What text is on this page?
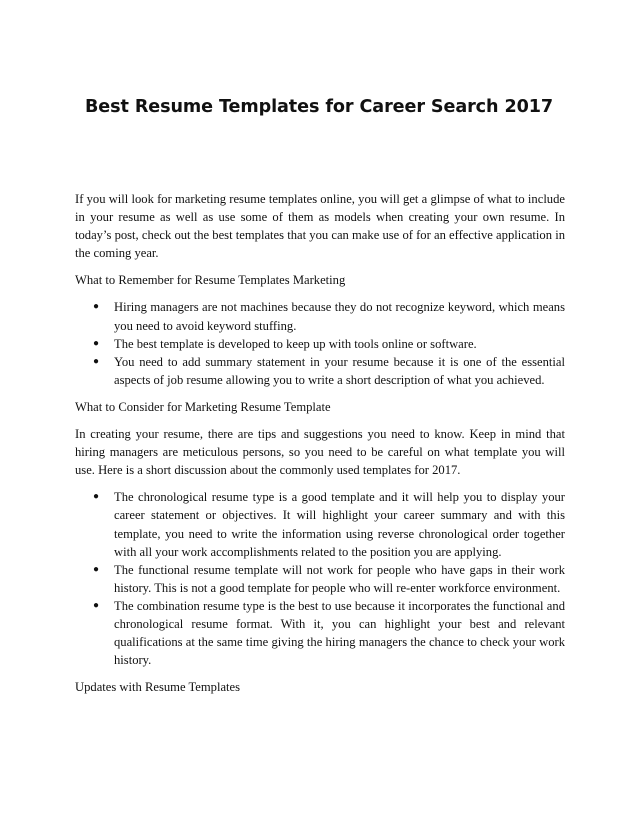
Best Resume Templates for Career Search 2017

If you will look for marketing resume templates online, you will get a glimpse of what to include in your resume as well as use some of them as models when creating your own resume. In today’s post, check out the best templates that you can make use of for an effective application in the coming year.

What to Remember for Resume Templates Marketing

● Hiring managers are not machines because they do not recognize keyword, which means you need to avoid keyword stuffing.
● The best template is developed to keep up with tools online or software.
● You need to add summary statement in your resume because it is one of the essential aspects of job resume allowing you to write a short description of what you achieved.

What to Consider for Marketing Resume Template

In creating your resume, there are tips and suggestions you need to know. Keep in mind that hiring managers are meticulous persons, so you need to be careful on what template you will use. Here is a short discussion about the commonly used templates for 2017.

● The chronological resume type is a good template and it will help you to display your career statement or objectives. It will highlight your career summary and with this template, you need to write the information using reverse chronological order together with all your work accomplishments related to the position you are applying.
● The functional resume template will not work for people who have gaps in their work history. This is not a good template for people who will re-enter workforce environment.
● The combination resume type is the best to use because it incorporates the functional and chronological resume format. With it, you can highlight your best and relevant qualifications at the same time giving the hiring managers the chance to check your work history.

Updates with Resume Templates
